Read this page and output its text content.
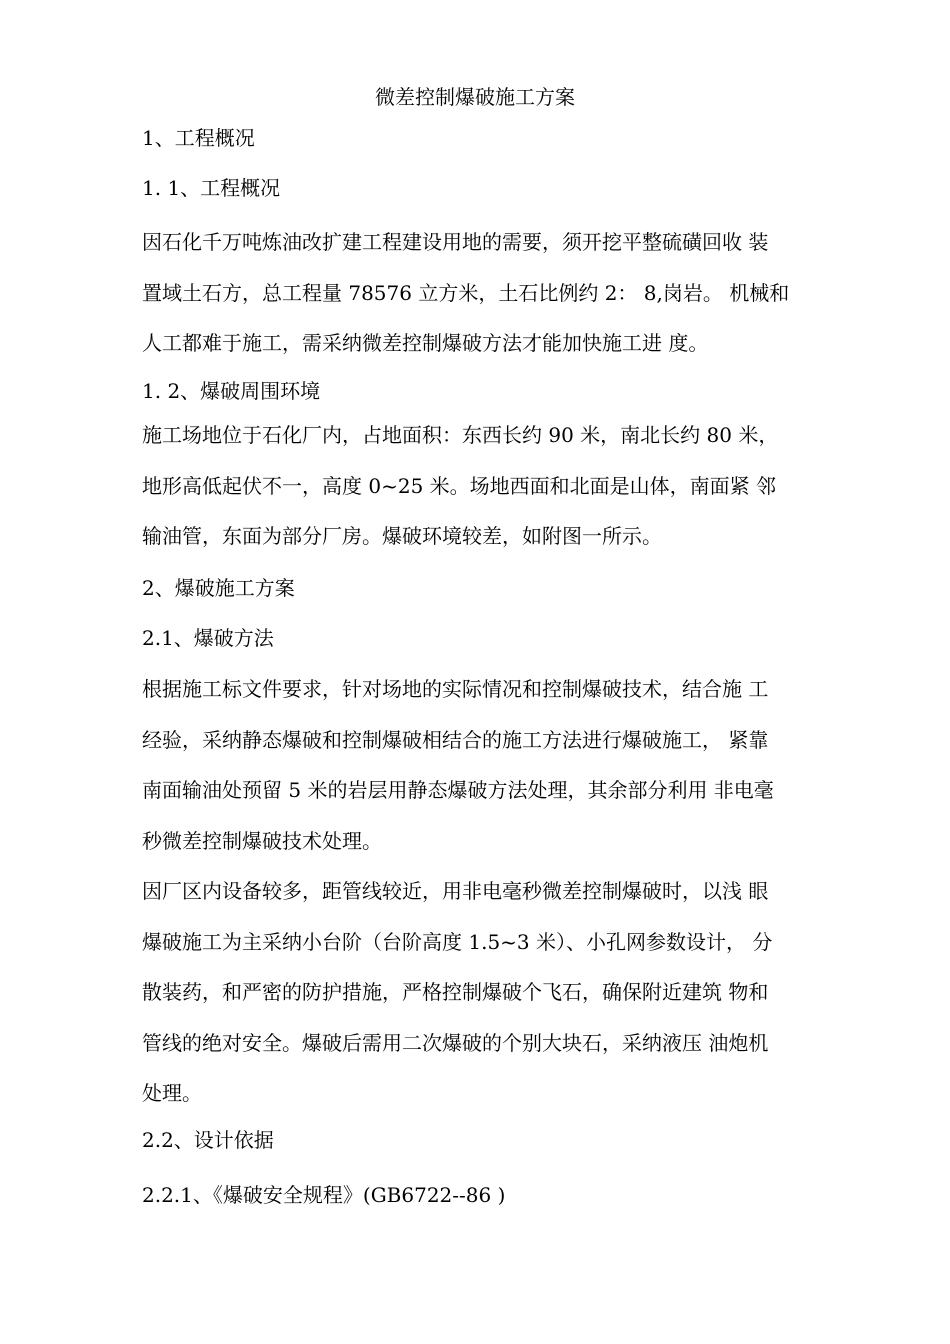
微差控制爆破施工方案
1、工程概况
1. 1、工程概况
因石化千万吨炼油改扩建工程建设用地的需要，须开挖平整硫磺回收 装
置域土石方，总工程量 78576 立方米，土石比例约 2： 8,岗岩。 机械和
人工都难于施工，需采纳微差控制爆破方法才能加快施工进 度。
1. 2、爆破周围环境
施工场地位于石化厂内，占地面积：东西长约 90 米，南北长约 80 米，
地形高低起伏不一，高度 0~25 米。场地西面和北面是山体，南面紧 邻
输油管，东面为部分厂房。爆破环境较差，如附图一所示。
2、爆破施工方案
2.1、爆破方法
根据施工标文件要求，针对场地的实际情况和控制爆破技术，结合施 工
经验，采纳静态爆破和控制爆破相结合的施工方法进行爆破施工， 紧靠
南面输油处预留 5 米的岩层用静态爆破方法处理，其余部分利用 非电毫
秒微差控制爆破技术处理。
因厂区内设备较多，距管线较近，用非电毫秒微差控制爆破时，以浅 眼
爆破施工为主采纳小台阶（台阶高度 1.5~3 米）、小孔网参数设计， 分
散装药，和严密的防护措施，严格控制爆破个飞石，确保附近建筑 物和
管线的绝对安全。爆破后需用二次爆破的个别大块石，采纳液压 油炮机
处理。
2.2、设计依据
2.2.1、《爆破安全规程》(GB6722--86 )
